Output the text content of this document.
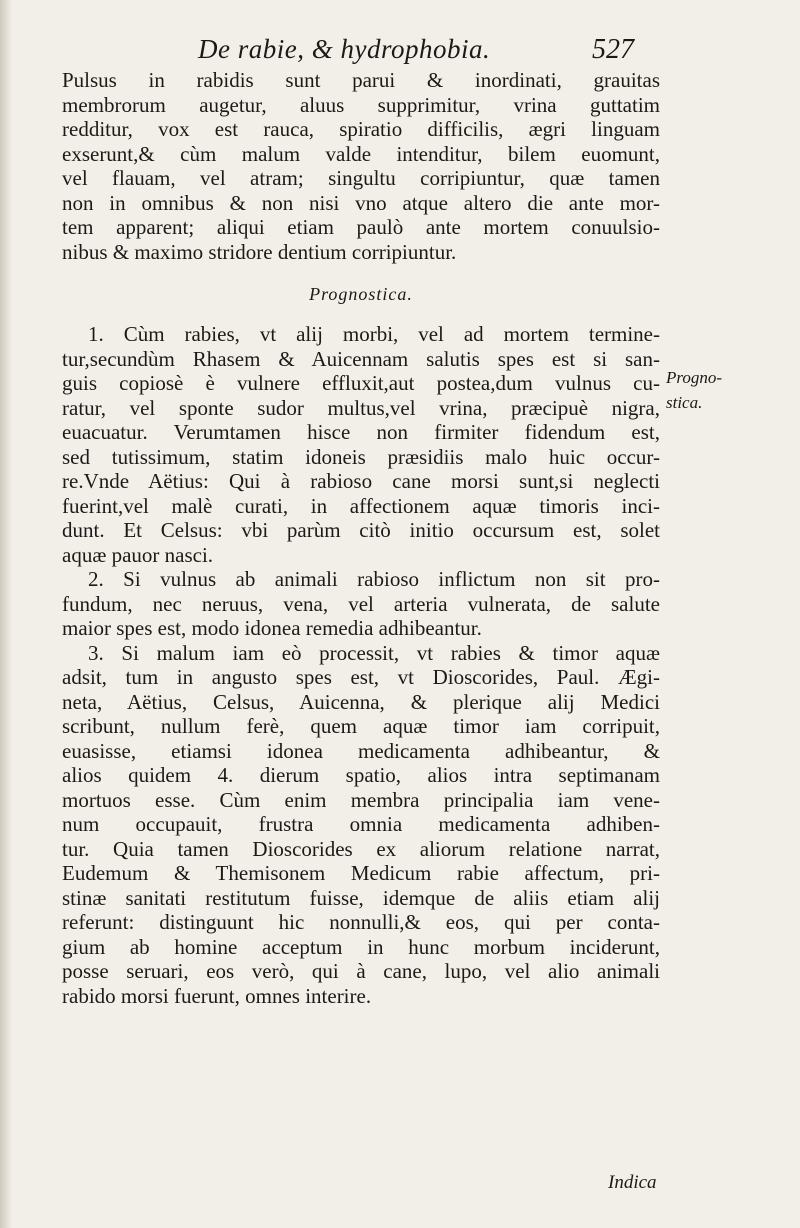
De rabie, & hydrophobia.	527
Pulsus in rabidis sunt parui & inordinati, grauitas
membrorum augetur, aluus supprimitur, vrina guttatim
redditur, vox est rauca, spiratio difficilis, ægri linguam
exserunt,& cùm malum valde intenditur, bilem euomunt,
vel flauam, vel atram; singultu corripiuntur, quæ tamen
non in omnibus & non nisi vno atque altero die ante mor-
tem apparent; aliqui etiam paulò ante mortem conuulsio-
nibus & maximo stridore dentium corripiuntur.
Prognostica.
1. Cùm rabies, vt alij morbi, vel ad mortem termine-
tur,secundùm Rhasem & Auicennam salutis spes est si san-
guis copiosè è vulnere effluxit,aut postea,dum vulnus cu-
ratur, vel sponte sudor multus,vel vrina, præcipuè nigra,
euacuatur. Verumtamen hisce non firmiter fidendum est,
sed tutissimum, statim idoneis præsidiis malo huic occur-
re.Vnde Aëtius: Qui à rabioso cane morsi sunt,si neglecti
fuerint,vel malè curati, in affectionem aquæ timoris inci-
dunt. Et Celsus: vbi parùm citò initio occursum est, solet
aquæ pauor nasci.
2. Si vulnus ab animali rabioso inflictum non sit pro-
fundum, nec neruus, vena, vel arteria vulnerata, de salute
maior spes est, modo idonea remedia adhibeantur.
3. Si malum iam eò processit, vt rabies & timor aquæ
adsit, tum in angusto spes est, vt Dioscorides, Paul. Ægi-
neta, Aëtius, Celsus, Auicenna, & plerique alij Medici
scribunt, nullum ferè, quem aquæ timor iam corripuit,
euasisse, etiamsi idonea medicamenta adhibeantur, &
alios quidem 4. dierum spatio, alios intra septimanam
mortuos esse. Cùm enim membra principalia iam vene-
num occupauit, frustra omnia medicamenta adhiben-
tur. Quia tamen Dioscorides ex aliorum relatione narrat,
Eudemum & Themisonem Medicum rabie affectum, pri-
stinæ sanitati restitutum fuisse, idemque de aliis etiam alij
referunt: distinguunt hic nonnulli,& eos, qui per conta-
gium ab homine acceptum in hunc morbum inciderunt,
posse seruari, eos verò, qui à cane, lupo, vel alio animali
rabido morsi fuerunt, omnes interire.
Progno-
stica.
Indica
